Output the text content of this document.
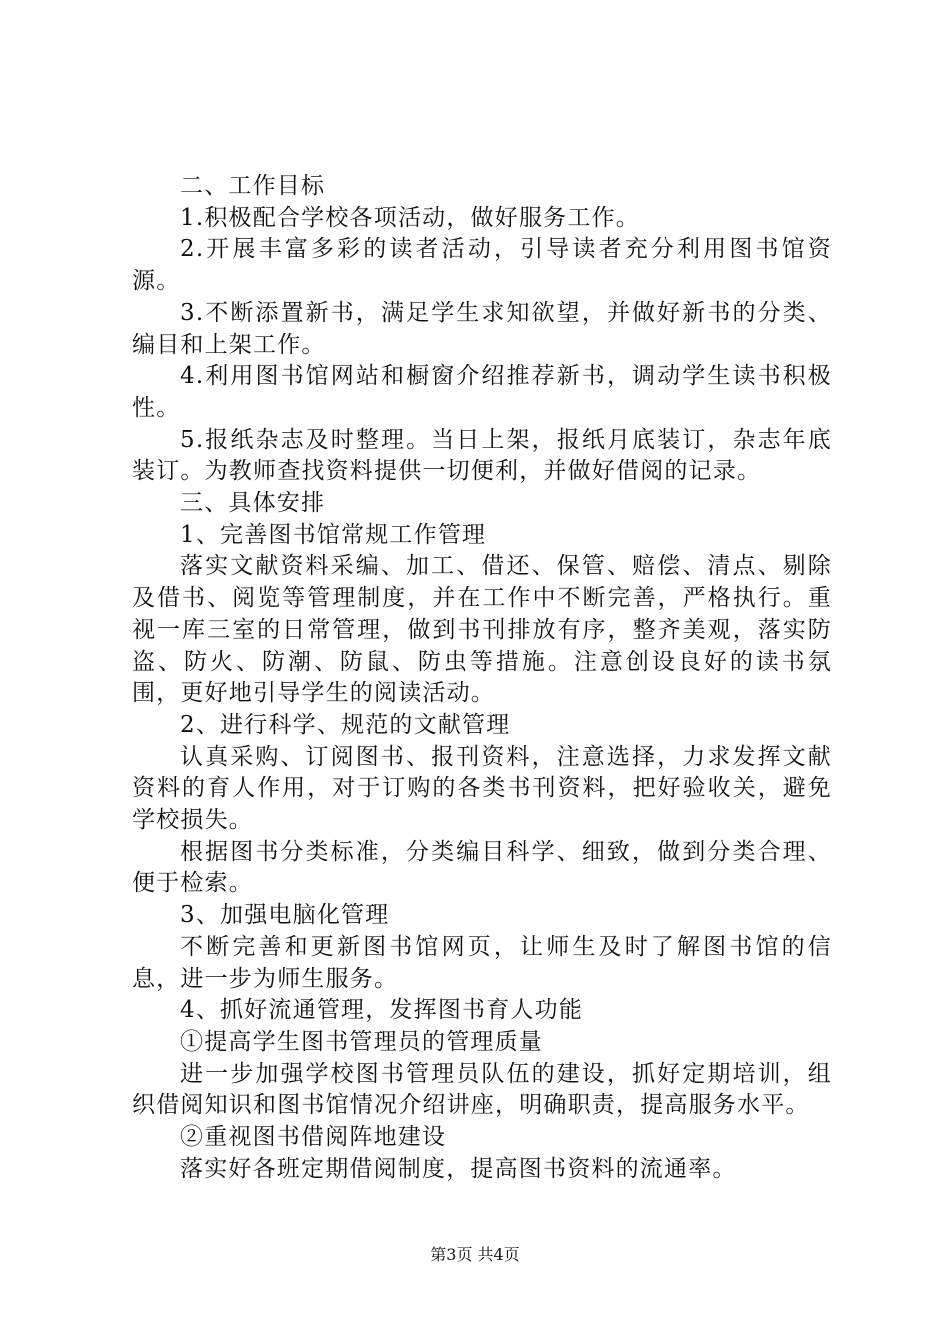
二、工作目标

1.积极配合学校各项活动，做好服务工作。

2.开展丰富多彩的读者活动，引导读者充分利用图书馆资源。

3.不断添置新书，满足学生求知欲望，并做好新书的分类、编目和上架工作。

4.利用图书馆网站和橱窗介绍推荐新书，调动学生读书积极性。

5.报纸杂志及时整理。当日上架，报纸月底装订，杂志年底装订。为教师查找资料提供一切便利，并做好借阅的记录。

三、具体安排

1、完善图书馆常规工作管理

落实文献资料采编、加工、借还、保管、赔偿、清点、剔除及借书、阅览等管理制度，并在工作中不断完善，严格执行。重视一库三室的日常管理，做到书刊排放有序，整齐美观，落实防盗、防火、防潮、防鼠、防虫等措施。注意创设良好的读书氛围，更好地引导学生的阅读活动。

2、进行科学、规范的文献管理

认真采购、订阅图书、报刊资料，注意选择，力求发挥文献资料的育人作用，对于订购的各类书刊资料，把好验收关，避免学校损失。

根据图书分类标准，分类编目科学、细致，做到分类合理、便于检索。

3、加强电脑化管理

不断完善和更新图书馆网页，让师生及时了解图书馆的信息，进一步为师生服务。

4、抓好流通管理，发挥图书育人功能

①提高学生图书管理员的管理质量

进一步加强学校图书管理员队伍的建设，抓好定期培训，组织借阅知识和图书馆情况介绍讲座，明确职责，提高服务水平。

②重视图书借阅阵地建设

落实好各班定期借阅制度，提高图书资料的流通率。

第3页 共4页
